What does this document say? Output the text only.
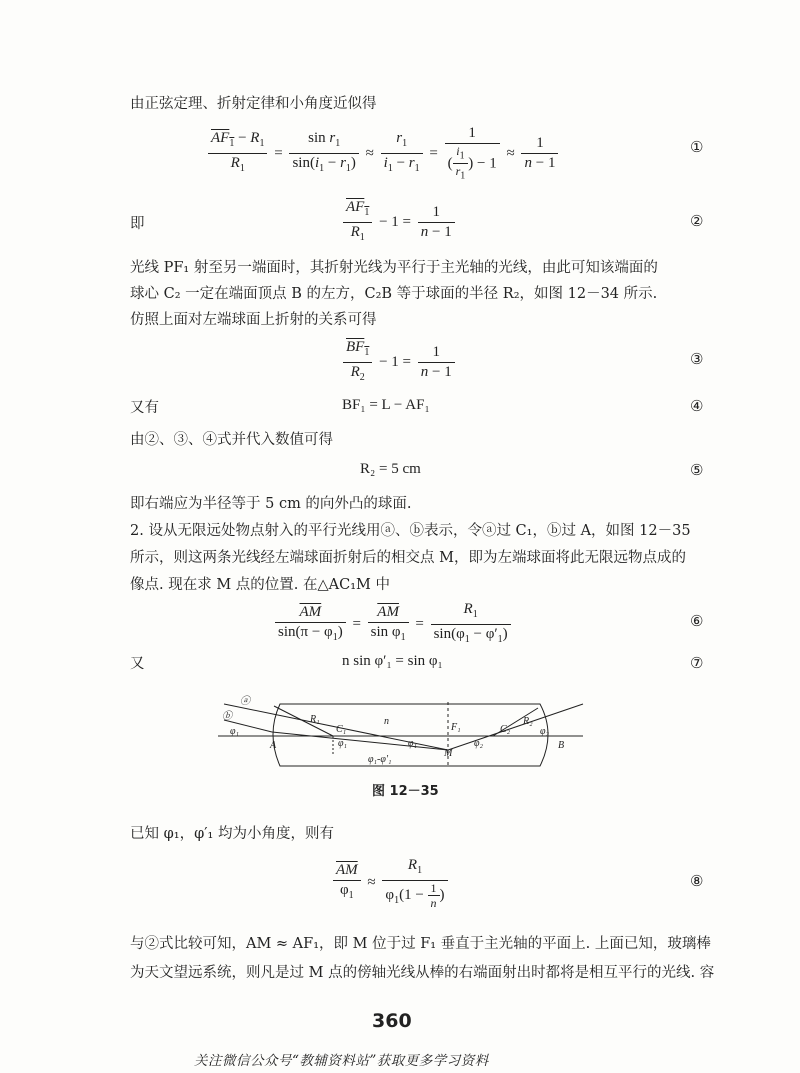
由正弦定理、折射定律和小角度近似得
$\frac{AF_1 - R_1}{R_1} = \frac{\sin r_1}{\sin(i_1 - r_1)} \approx \frac{r_1}{i_1 - r_1} = \frac{1}{( \frac{i_1}{r_1} ) - 1} \approx \frac{1}{n - 1}$	①
即	$\frac{AF_1}{R_1} - 1 = \frac{1}{n - 1}$	②
光线 PF₁ 射至另一端面时，其折射光线为平行于主光轴的光线，由此可知该端面的
球心 C₂ 一定在端面顶点 B 的左方，C₂B 等于球面的半径 R₂，如图 12－34 所示.
仿照上面对左端球面上折射的关系可得
$\frac{BF_1}{R_2} - 1 = \frac{1}{n - 1}$	③
又有	BF₁ = L − AF₁	④
由②、③、④式并代入数值可得
R₂ = 5 cm	⑤
即右端应为半径等于 5 cm 的向外凸的球面.
2. 设从无限远处物点射入的平行光线用ⓐ、ⓑ表示，令ⓐ过 C₁，ⓑ过 A，如图 12－35
所示，则这两条光线经左端球面折射后的相交点 M，即为左端球面将此无限远物点成的
像点. 现在求 M 点的位置. 在△AC₁M 中
$\frac{\overline{AM}}{\sin(\pi - \varphi_1)} = \frac{\overline{AM}}{\sin \varphi_1} = \frac{R_1}{\sin(\varphi_1 - \varphi'_1)}$	⑥
又	n sin φ′₁ = sin φ₁	⑦
ⓐ
ⓑ	R₁
C₁
n
F₁	C₂
R₂
A	B
M
φ₁
φ₁	φ₁	φ₂
φ₂
φ₁-φ′₁
图 12－35
已知 φ₁，φ′₁ 均为小角度，则有
$\frac{\overline{AM}}{\varphi_1} \approx \frac{R_1}{\varphi_1(1 - \frac{1}{n} )}$	⑧
与②式比较可知，AM ≈ AF₁，即 M 位于过 F₁ 垂直于主光轴的平面上. 上面已知，玻璃棒
为天文望远系统，则凡是过 M 点的傍轴光线从棒的右端面射出时都将是相互平行的光线. 容
360
关注微信公众号“教辅资料站”获取更多学习资料
